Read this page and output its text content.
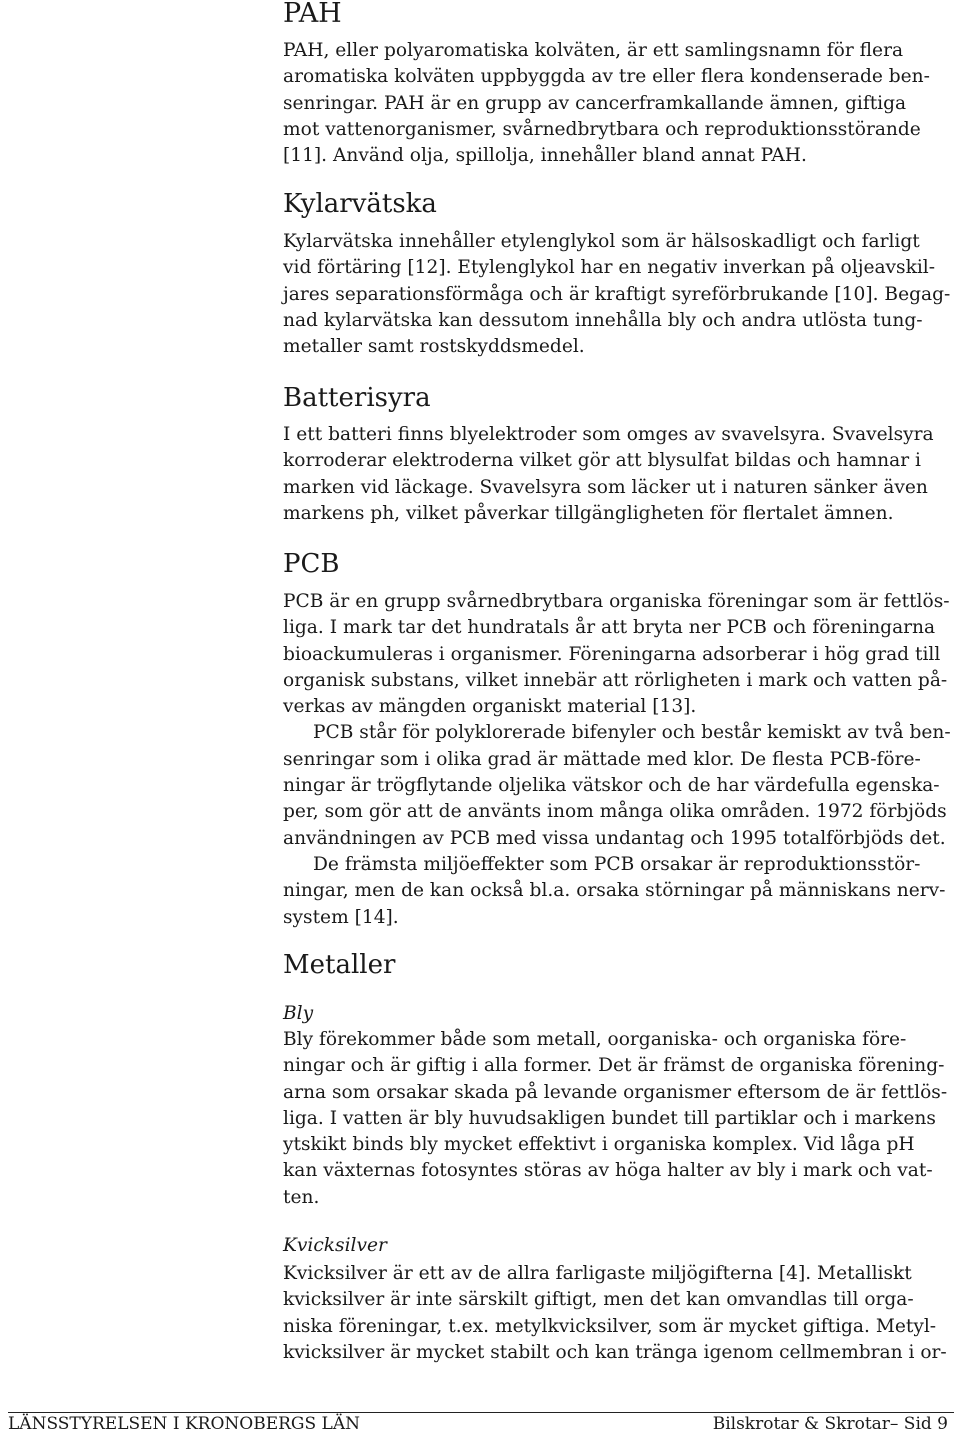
PAH

PAH, eller polyaromatiska kolväten, är ett samlingsnamn för flera
aromatiska kolväten uppbyggda av tre eller flera kondenserade ben-
senringar. PAH är en grupp av cancerframkallande ämnen, giftiga
mot vattenorganismer, svårnedbrytbara och reproduktionsstörande
[11]. Använd olja, spillolja, innehåller bland annat PAH.

Kylarvätska

Kylarvätska innehåller etylenglykol som är hälsoskadligt och farligt
vid förtäring [12]. Etylenglykol har en negativ inverkan på oljeavskil-
jares separationsförmåga och är kraftigt syreförbrukande [10]. Begag-
nad kylarvätska kan dessutom innehålla bly och andra utlösta tung-
metaller samt rostskyddsmedel.

Batterisyra

I ett batteri finns blyelektroder som omges av svavelsyra. Svavelsyra
korroderar elektroderna vilket gör att blysulfat bildas och hamnar i
marken vid läckage. Svavelsyra som läcker ut i naturen sänker även
markens ph, vilket påverkar tillgängligheten för flertalet ämnen.

PCB

PCB är en grupp svårnedbrytbara organiska föreningar som är fettlös-
liga. I mark tar det hundratals år att bryta ner PCB och föreningarna
bioackumuleras i organismer. Föreningarna adsorberar i hög grad till
organisk substans, vilket innebär att rörligheten i mark och vatten på-
verkas av mängden organiskt material [13].

PCB står för polyklorerade bifenyler och består kemiskt av två ben-
senringar som i olika grad är mättade med klor. De flesta PCB-före-
ningar är trögflytande oljelika vätskor och de har värdefulla egenska-
per, som gör att de använts inom många olika områden. 1972 förbjöds
användningen av PCB med vissa undantag och 1995 totalförbjöds det.

De främsta miljöeffekter som PCB orsakar är reproduktionsstör-
ningar, men de kan också bl.a. orsaka störningar på människans nerv-
system [14].

Metaller

Bly

Bly förekommer både som metall, oorganiska- och organiska före-
ningar och är giftig i alla former. Det är främst de organiska förening-
arna som orsakar skada på levande organismer eftersom de är fettlös-
liga. I vatten är bly huvudsakligen bundet till partiklar och i markens
ytskikt binds bly mycket effektivt i organiska komplex. Vid låga pH
kan växternas fotosyntes störas av höga halter av bly i mark och vat-
ten.

Kvicksilver

Kvicksilver är ett av de allra farligaste miljögifterna [4]. Metalliskt
kvicksilver är inte särskilt giftigt, men det kan omvandlas till orga-
niska föreningar, t.ex. metylkvicksilver, som är mycket giftiga. Metyl-
kvicksilver är mycket stabilt och kan tränga igenom cellmembran i or-

LÄNSSTYRELSEN I KRONOBERGS LÄN	Bilskrotar & Skrotar– Sid 9
